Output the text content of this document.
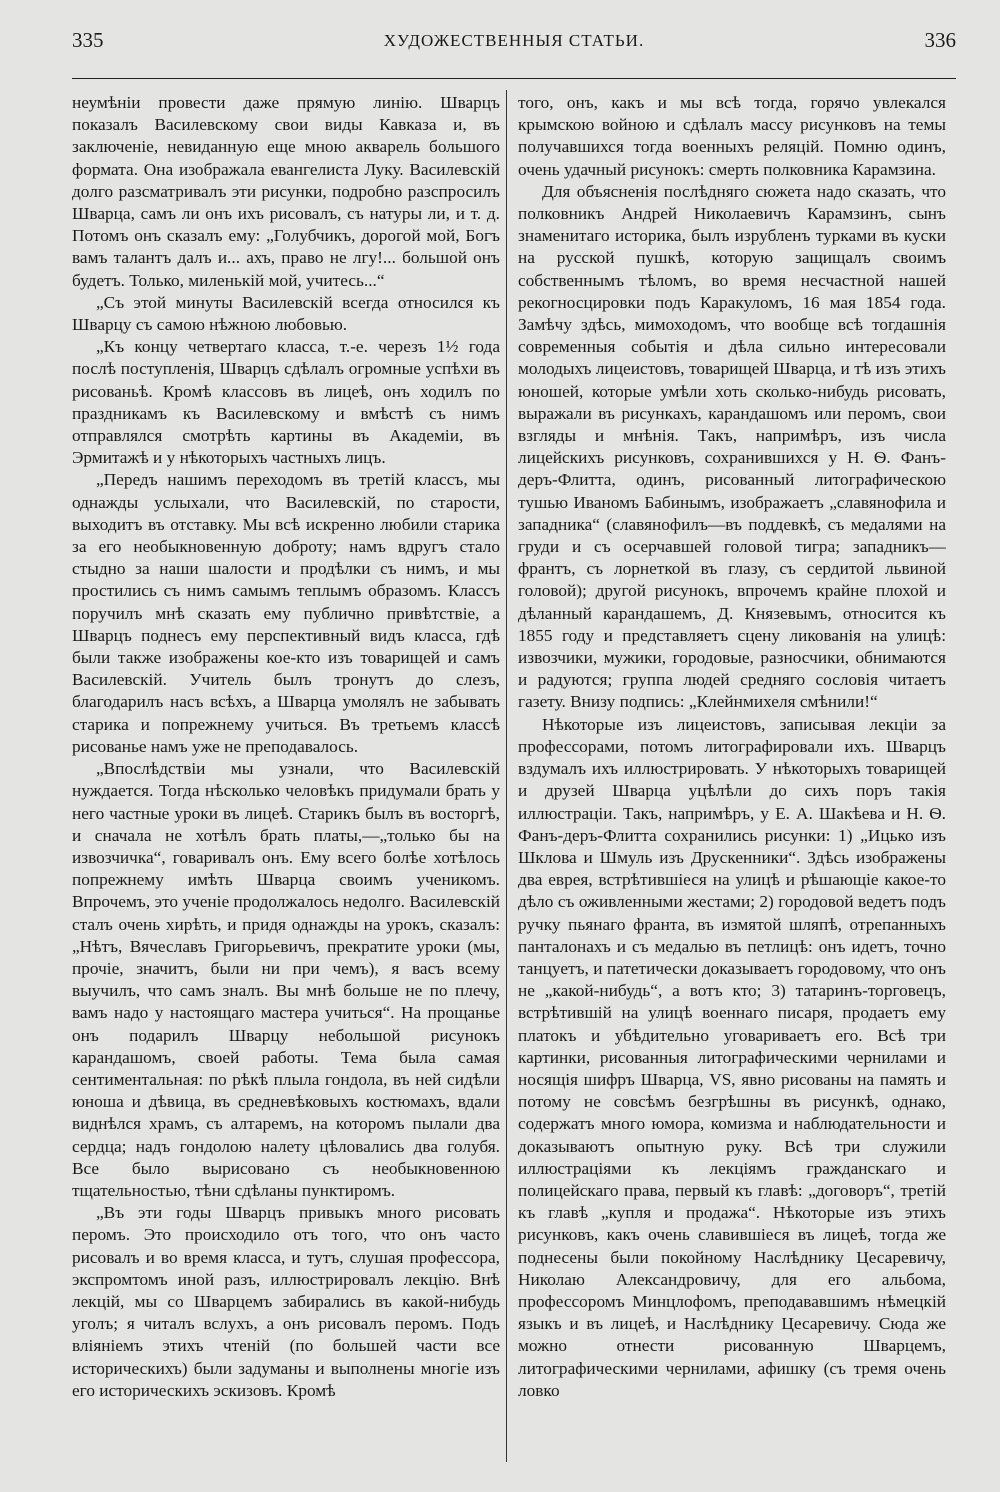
335	ХУДОЖЕСТВЕННЫЯ СТАТЬИ.	336

неумѣніи провести даже прямую линію. Шварцъ показалъ Василевскому свои виды Кавказа и, въ заключеніе, невиданную еще мною акварель большого формата. Она изображала евангелиста Луку. Василевскій долго разсматривалъ эти рисунки, подробно разспросилъ Шварца, самъ ли онъ ихъ рисовалъ, съ натуры ли, и т. д. Потомъ онъ сказалъ ему: „Голубчикъ, дорогой мой, Богъ вамъ талантъ далъ и... ахъ, право не лгу!... большой онъ будетъ. Только, миленькій мой, учитесь...“

„Съ этой минуты Василевскій всегда относился къ Шварцу съ самою нѣжною любовью.

„Къ концу четвертаго класса, т.-е. черезъ 1½ года послѣ поступленія, Шварцъ сдѣлалъ огромные успѣхи въ рисованьѣ. Кромѣ классовъ въ лицеѣ, онъ ходилъ по праздникамъ къ Василевскому и вмѣстѣ съ нимъ отправлялся смотрѣть картины въ Академіи, въ Эрмитажѣ и у нѣкоторыхъ частныхъ лицъ.

„Передъ нашимъ переходомъ въ третій классъ, мы однажды услыхали, что Василевскій, по старости, выходитъ въ отставку. Мы всѣ искренно любили старика за его необыкновенную доброту; намъ вдругъ стало стыдно за наши шалости и продѣлки съ нимъ, и мы простились съ нимъ самымъ теплымъ образомъ. Классъ поручилъ мнѣ сказать ему публично привѣтствіе, а Шварцъ поднесъ ему перспективный видъ класса, гдѣ были также изображены кое-кто изъ товарищей и самъ Василевскій. Учитель былъ тронутъ до слезъ, благодарилъ насъ всѣхъ, а Шварца умолялъ не забывать старика и попрежнему учиться. Въ третьемъ классѣ рисованье намъ уже не преподавалось.

„Впослѣдствіи мы узнали, что Василевскій нуждается. Тогда нѣсколько человѣкъ придумали брать у него частные уроки въ лицеѣ. Старикъ былъ въ восторгѣ, и сначала не хотѣлъ брать платы,—„только бы на извозчичка“, говаривалъ онъ. Ему всего болѣе хотѣлось попрежнему имѣть Шварца своимъ ученикомъ. Впрочемъ, это ученіе продолжалось недолго. Василевскій сталъ очень хирѣть, и придя однажды на урокъ, сказалъ: „Нѣтъ, Вячеславъ Григорьевичъ, прекратите уроки (мы, прочіе, значитъ, были ни при чемъ), я васъ всему выучилъ, что самъ зналъ. Вы мнѣ больше не по плечу, вамъ надо у настоящаго мастера учиться“. На прощанье онъ подарилъ Шварцу небольшой рисунокъ карандашомъ, своей работы. Тема была самая сентиментальная: по рѣкѣ плыла гондола, въ ней сидѣли юноша и дѣвица, въ средневѣковыхъ костюмахъ, вдали виднѣлся храмъ, съ алтаремъ, на которомъ пылали два сердца; надъ гондолою налету цѣловались два голубя. Все было вырисовано съ необыкновенною тщательностью, тѣни сдѣланы пунктиромъ.

„Въ эти годы Шварцъ привыкъ много рисовать перомъ. Это происходило отъ того, что онъ часто рисовалъ и во время класса, и тутъ, слушая профессора, экспромтомъ иной разъ, иллюстрировалъ лекцію. Внѣ лекцій, мы со Шварцемъ забирались въ какой-нибудь уголъ; я читалъ вслухъ, а онъ рисовалъ перомъ. Подъ вліяніемъ этихъ чтеній (по большей части все историческихъ) были задуманы и выполнены многіе изъ его историческихъ эскизовъ. Кромѣ

того, онъ, какъ и мы всѣ тогда, горячо увлекался крымскою войною и сдѣлалъ массу рисунковъ на темы получавшихся тогда военныхъ реляцій. Помню одинъ, очень удачный рисунокъ: смерть полковника Карамзина.

Для объясненія послѣдняго сюжета надо сказать, что полковникъ Андрей Николаевичъ Карамзинъ, сынъ знаменитаго историка, былъ изрубленъ турками въ куски на русской пушкѣ, которую защищалъ своимъ собственнымъ тѣломъ, во время несчастной нашей рекогносцировки подъ Каракуломъ, 16 мая 1854 года. Замѣчу здѣсь, мимоходомъ, что вообще всѣ тогдашнія современныя событія и дѣла сильно интересовали молодыхъ лицеистовъ, товарищей Шварца, и тѣ изъ этихъ юношей, которые умѣли хоть сколько-нибудь рисовать, выражали въ рисункахъ, карандашомъ или перомъ, свои взгляды и мнѣнія. Такъ, напримѣръ, изъ числа лицейскихъ рисунковъ, сохранившихся у Н. Ѳ. Фанъ-деръ-Флитта, одинъ, рисованный литографическою тушью Иваномъ Бабинымъ, изображаетъ „славянофила и западника“ (славянофилъ—въ поддевкѣ, съ медалями на груди и съ осерчавшей головой тигра; западникъ—франтъ, съ лорнеткой въ глазу, съ сердитой львиной головой); другой рисунокъ, впрочемъ крайне плохой и дѣланный карандашемъ, Д. Князевымъ, относится къ 1855 году и представляетъ сцену ликованія на улицѣ: извозчики, мужики, городовые, разносчики, обнимаются и радуются; группа людей средняго сословія читаетъ газету. Внизу подпись: „Клейнмихеля смѣнили!“

Нѣкоторые изъ лицеистовъ, записывая лекціи за профессорами, потомъ литографировали ихъ. Шварцъ вздумалъ ихъ иллюстрировать. У нѣкоторыхъ товарищей и друзей Шварца уцѣлѣли до сихъ поръ такія иллюстраціи. Такъ, напримѣръ, у Е. А. Шакѣева и Н. Ѳ. Фанъ-деръ-Флитта сохранились рисунки: 1) „Ицько изъ Шклова и Шмуль изъ Друскенники“. Здѣсь изображены два еврея, встрѣтившіеся на улицѣ и рѣшающіе какое-то дѣло съ оживленными жестами; 2) городовой ведетъ подъ ручку пьянаго франта, въ измятой шляпѣ, отрепанныхъ панталонахъ и съ медалью въ петлицѣ: онъ идетъ, точно танцуетъ, и патетически доказываетъ городовому, что онъ не „какой-нибудь“, а вотъ кто; 3) татаринъ-торговецъ, встрѣтившій на улицѣ военнаго писаря, продаетъ ему платокъ и убѣдительно уговариваетъ его. Всѣ три картинки, рисованныя литографическими чернилами и носящія шифръ Шварца, VS, явно рисованы на память и потому не совсѣмъ безгрѣшны въ рисункѣ, однако, содержатъ много юмора, комизма и наблюдательности и доказываютъ опытную руку. Всѣ три служили иллюстраціями къ лекціямъ гражданскаго и полицейскаго права, первый къ главѣ: „договоръ“, третій къ главѣ „купля и продажа“. Нѣкоторые изъ этихъ рисунковъ, какъ очень славившіеся въ лицеѣ, тогда же поднесены были покойному Наслѣднику Цесаревичу, Николаю Александровичу, для его альбома, профессоромъ Минцлофомъ, преподававшимъ нѣмецкій языкъ и въ лицеѣ, и Наслѣднику Цесаревичу. Сюда же можно отнести рисованную Шварцемъ, литографическими чернилами, афишку (съ тремя очень ловко
